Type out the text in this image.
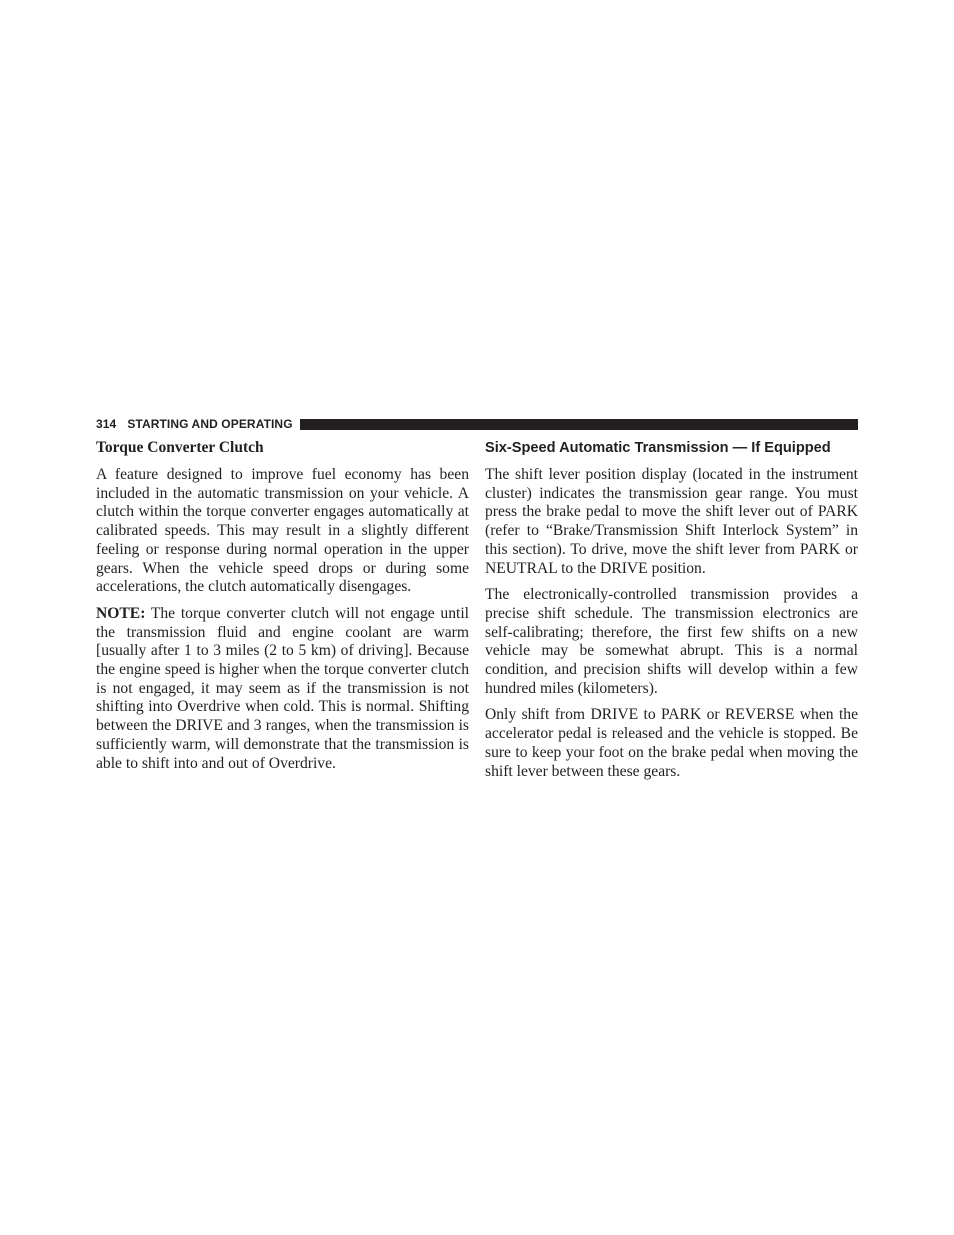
314 STARTING AND OPERATING
Torque Converter Clutch

A feature designed to improve fuel economy has been included in the automatic transmission on your vehicle. A clutch within the torque converter engages automatically at calibrated speeds. This may result in a slightly different feeling or response during normal operation in the upper gears. When the vehicle speed drops or during some accelerations, the clutch automatically disengages.

NOTE: The torque converter clutch will not engage until the transmission fluid and engine coolant are warm [usually after 1 to 3 miles (2 to 5 km) of driving]. Because the engine speed is higher when the torque converter clutch is not engaged, it may seem as if the transmission is not shifting into Overdrive when cold. This is normal. Shifting between the DRIVE and 3 ranges, when the transmission is sufficiently warm, will demonstrate that the transmission is able to shift into and out of Overdrive.

Six-Speed Automatic Transmission — If Equipped

The shift lever position display (located in the instrument cluster) indicates the transmission gear range. You must press the brake pedal to move the shift lever out of PARK (refer to “Brake/Transmission Shift Interlock System” in this section). To drive, move the shift lever from PARK or NEUTRAL to the DRIVE position.

The electronically-controlled transmission provides a precise shift schedule. The transmission electronics are self-calibrating; therefore, the first few shifts on a new vehicle may be somewhat abrupt. This is a normal condition, and precision shifts will develop within a few hundred miles (kilometers).

Only shift from DRIVE to PARK or REVERSE when the accelerator pedal is released and the vehicle is stopped. Be sure to keep your foot on the brake pedal when moving the shift lever between these gears.
